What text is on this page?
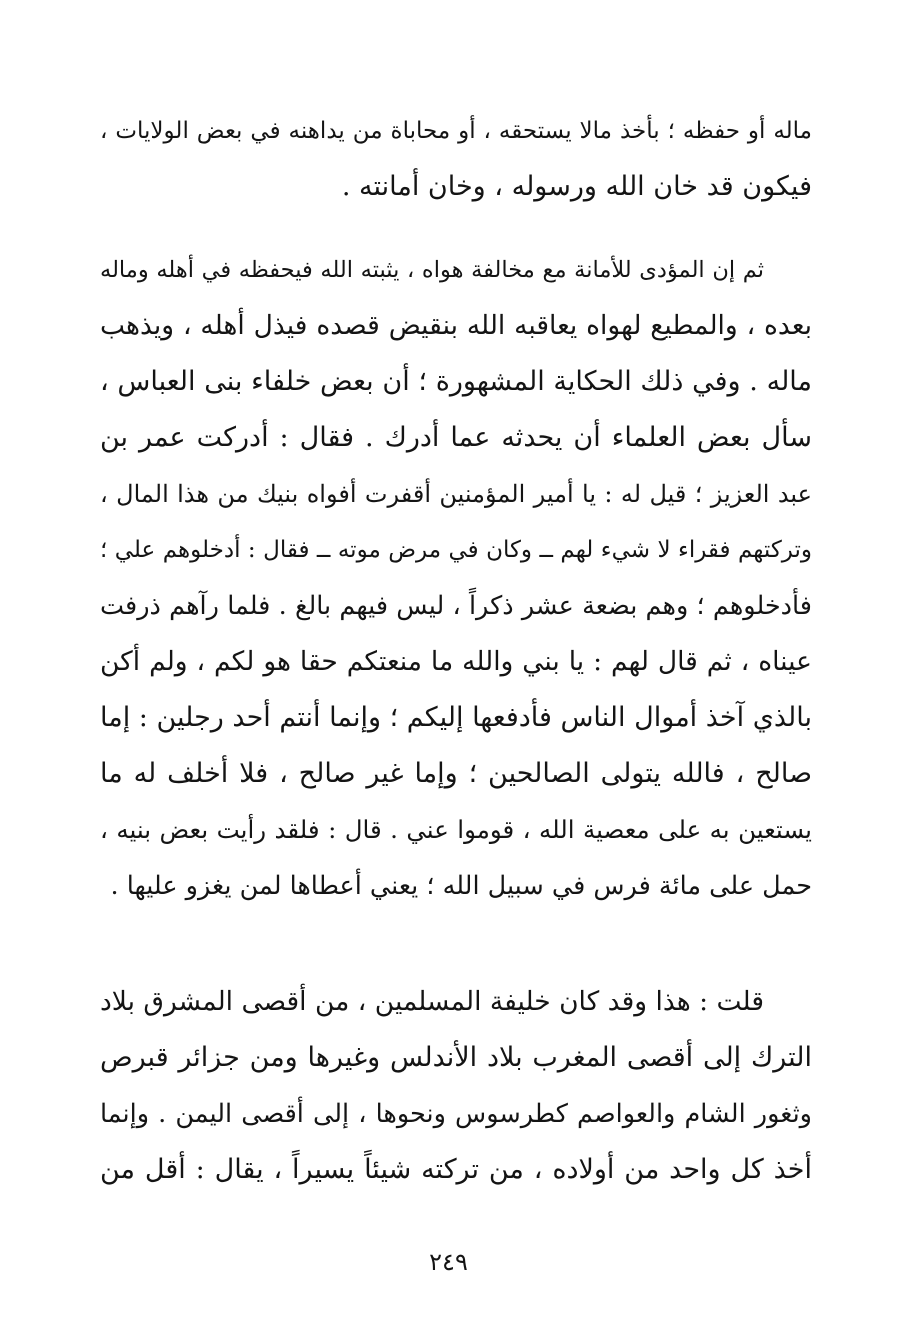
ماله أو حفظه ؛ بأخذ مالا يستحقه ، أو محاباة من يداهنه في بعض الولايات ،
فيكون قد خان الله ورسوله ، وخان أمانته .
ثم إن المؤدى للأمانة مع مخالفة هواه ، يثبته الله فيحفظه في أهله وماله
بعده ، والمطيع لهواه يعاقبه الله بنقيض قصده فيذل أهله ، ويذهب
ماله . وفي ذلك الحكاية المشهورة ؛ أن بعض خلفاء بنى العباس ،
سأل بعض العلماء أن يحدثه عما أدرك . فقال : أدركت عمر بن
عبد العزيز ؛ قيل له : يا أمير المؤمنين أقفرت أفواه بنيك من هذا المال ،
وتركتهم فقراء لا شيء لهم ــ وكان في مرض موته ــ فقال : أدخلوهم علي ؛
فأدخلوهم ؛ وهم بضعة عشر ذكراً ، ليس فيهم بالغ . فلما رآهم ذرفت
عيناه ، ثم قال لهم : يا بني والله ما منعتكم حقا هو لكم ، ولم أكن
بالذي آخذ أموال الناس فأدفعها إليكم ؛ وإنما أنتم أحد رجلين : إما
صالح ، فالله يتولى الصالحين ؛ وإما غير صالح ، فلا أخلف له ما
يستعين به على معصية الله ، قوموا عني . قال : فلقد رأيت بعض بنيه ،
حمل على مائة فرس في سبيل الله ؛ يعني أعطاها لمن يغزو عليها .
قلت : هذا وقد كان خليفة المسلمين ، من أقصى المشرق بلاد
الترك إلى أقصى المغرب بلاد الأندلس وغيرها ومن جزائر قبرص
وثغور الشام والعواصم كطرسوس ونحوها ، إلى أقصى اليمن . وإنما
أخذ كل واحد من أولاده ، من تركته شيئاً يسيراً ، يقال : أقل من
٢٤٩
